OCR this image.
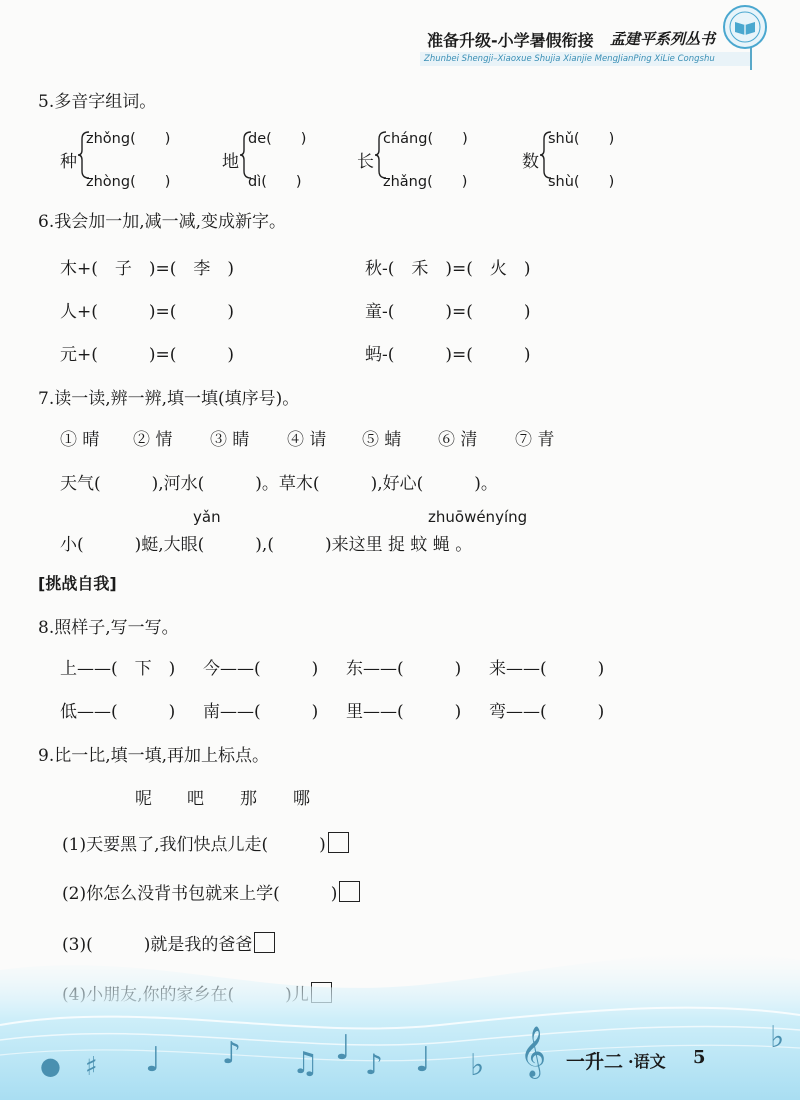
准备升级-小学暑假衔接 孟建平系列丛书
Zhunbei Shengji–Xiaoxue Shujia Xianjie MengJianPing XiLie Congshu
5.多音字组词。
种
zhǒng(　　)
zhòng(　　)
地
de(　　)
dì(　　)
长
cháng(　　)
zhǎng(　　)
数
shǔ(　　)
shù(　　)
6.我会加一加,减一减,变成新字。
木+(　子　)=(　李　)	秋-(　禾　)=(　火　)
人+(　　　)=(　　　)	童-(　　　)=(　　　)
元+(　　　)=(　　　)	蚂-(　　　)=(　　　)
7.读一读,辨一辨,填一填(填序号)。
① 晴 ② 情 ③ 睛 ④ 请 ⑤ 蜻 ⑥ 清 ⑦ 青
天气(　　　),河水(　　　)。草木(　　　),好心(　　　)。
yǎn	zhuōwényíng
小(　　　)蜓,大眼(　　　),(　　　)来这里 捉 蚊 蝇 。
[挑战自我]
8.照样子,写一写。
上——(　下　) 今——(　　　) 东——(　　　) 来——(　　　)
低——(　　　) 南——(　　　) 里——(　　　) 弯——(　　　)
9.比一比,填一填,再加上标点。
呢 吧 那 哪
(1)天要黑了,我们快点儿走(　　　)
(2)你怎么没背书包就来上学(　　　)
(3)(　　　)就是我的爸爸
● ♯ ♩ ♪ ♫ ♩ ♪ ♩ ♭ 𝄞	♭
一升二 ·语文 5
